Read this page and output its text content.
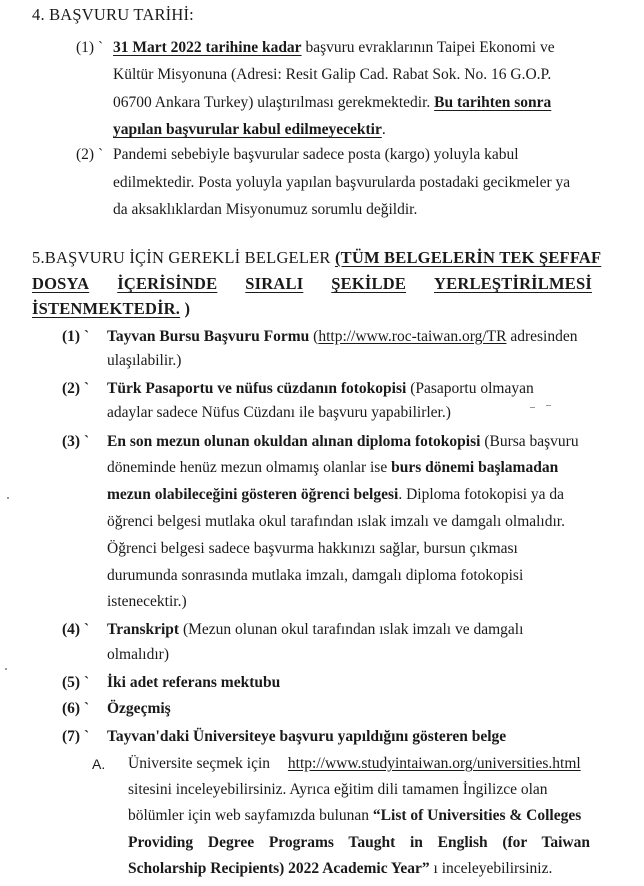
4. BAŞVURU TARİHİ:
(1) ˋ 31 Mart 2022 tarihine kadar başvuru evraklarının Taipei Ekonomi ve
Kültür Misyonuna (Adresi: Resit Galip Cad. Rabat Sok. No. 16 G.O.P.
06700 Ankara Turkey) ulaştırılması gerekmektedir. Bu tarihten sonra
yapılan başvurular kabul edilmeyecektir.
(2) ˋ Pandemi sebebiyle başvurular sadece posta (kargo) yoluyla kabul
edilmektedir. Posta yoluyla yapılan başvurularda postadaki gecikmeler ya
da aksaklıklardan Misyonumuz sorumlu değildir.
5.BAŞVURU İÇİN GEREKLİ BELGELER (TÜM BELGELERİN TEK ŞEFFAF
DOSYA İÇERİSİNDE SIRALI ŞEKİLDE YERLEŞTİRİLMESİ
İSTENMEKTEDİR. )
(1) ˋ Tayvan Bursu Başvuru Formu (http://www.roc-taiwan.org/TR adresinden
ulaşılabilir.)
(2) ˋ Türk Pasaportu ve nüfus cüzdanın fotokopisi (Pasaportu olmayan
adaylar sadece Nüfus Cüzdanı ile başvuru yapabilirler.)
(3) ˋ En son mezun olunan okuldan alınan diploma fotokopisi (Bursa başvuru
döneminde henüz mezun olmamış olanlar ise burs dönemi başlamadan
mezun olabileceğini gösteren öğrenci belgesi. Diploma fotokopisi ya da
öğrenci belgesi mutlaka okul tarafından ıslak imzalı ve damgalı olmalıdır.
Öğrenci belgesi sadece başvurma hakkınızı sağlar, bursun çıkması
durumunda sonrasında mutlaka imzalı, damgalı diploma fotokopisi
istenecektir.)
(4) ˋ Transkript (Mezun olunan okul tarafından ıslak imzalı ve damgalı
olmalıdır)
(5) ˋ İki adet referans mektubu
(6) ˋ Özgeçmiş
(7) ˋ Tayvan'daki Üniversiteye başvuru yapıldığını gösteren belge
A. Üniversite seçmek için http://www.studyintaiwan.org/universities.html
sitesini inceleyebilirsiniz. Ayrıca eğitim dili tamamen İngilizce olan
bölümler için web sayfamızda bulunan “List of Universities & Colleges
Providing Degree Programs Taught in English (for Taiwan
Scholarship Recipients) 2022 Academic Year” ı inceleyebilirsiniz.
